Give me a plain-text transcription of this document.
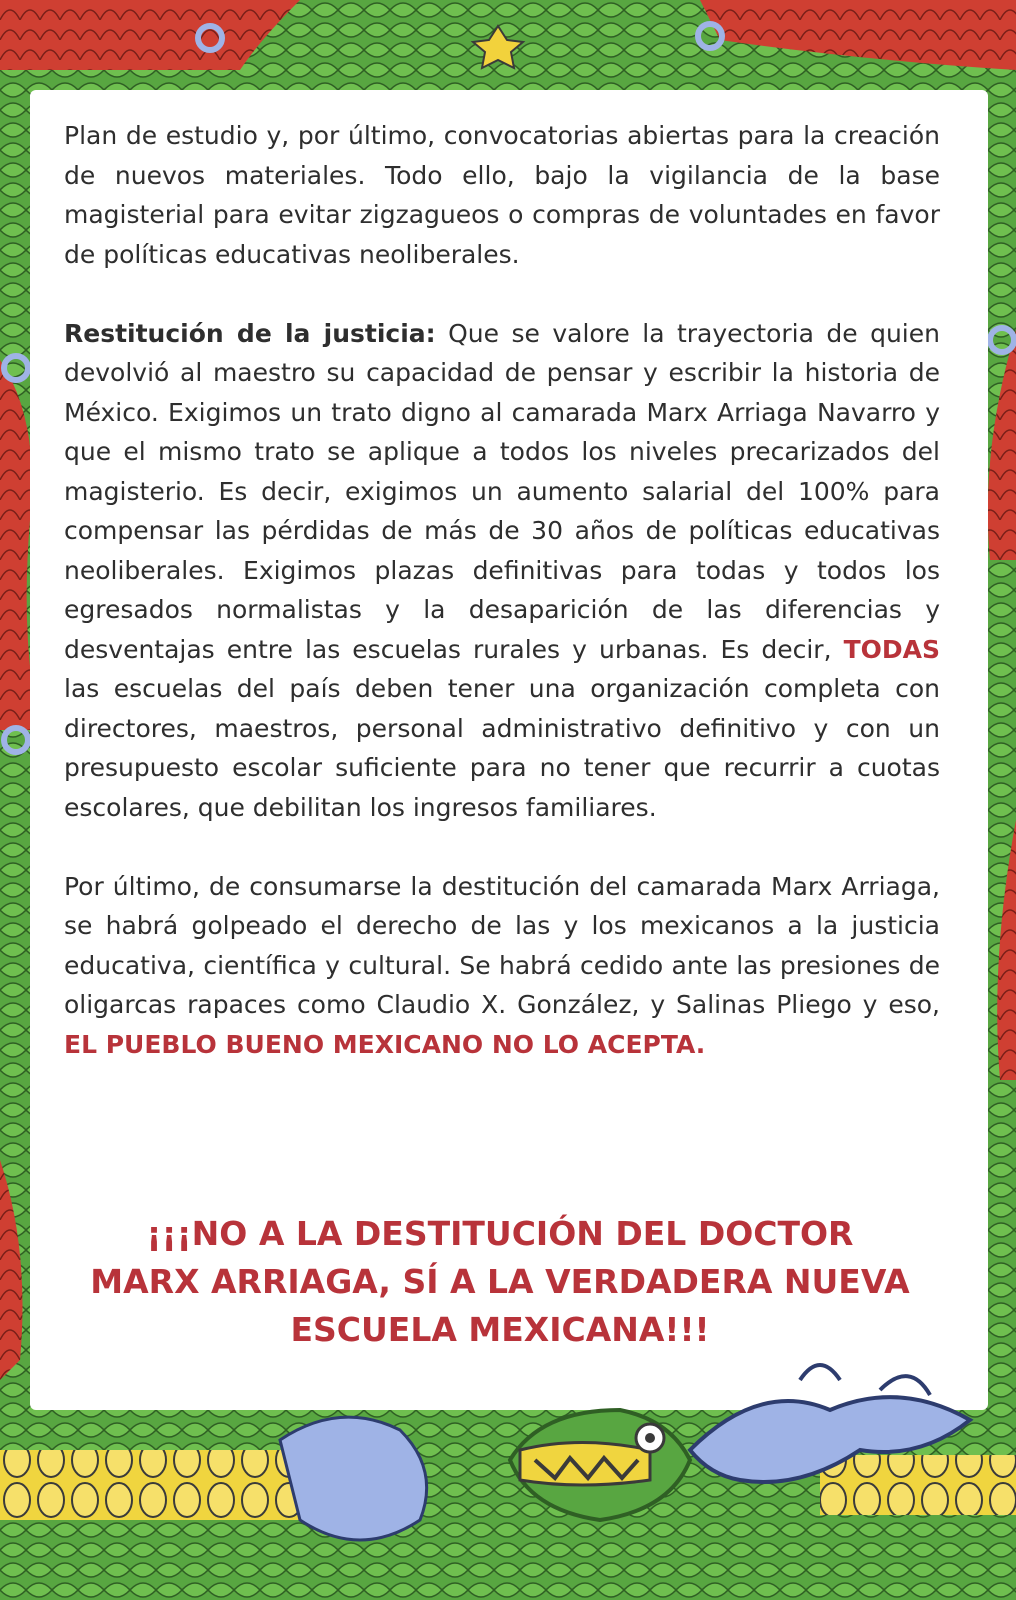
Plan de estudio y, por último, convocatorias abiertas para la creación de nuevos materiales. Todo ello, bajo la vigilancia de la base magisterial para evitar zigzagueos o compras de voluntades en favor de políticas educativas neoliberales.

Restitución de la justicia: Que se valore la trayectoria de quien devolvió al maestro su capacidad de pensar y escribir la historia de México. Exigimos un trato digno al camarada Marx Arriaga Navarro y que el mismo trato se aplique a todos los niveles precarizados del magisterio. Es decir, exigimos un aumento salarial del 100% para compensar las pérdidas de más de 30 años de políticas educativas neoliberales. Exigimos plazas definitivas para todas y todos los egresados normalistas y la desaparición de las diferencias y desventajas entre las escuelas rurales y urbanas. Es decir, TODAS las escuelas del país deben tener una organización completa con directores, maestros, personal administrativo definitivo y con un presupuesto escolar suficiente para no tener que recurrir a cuotas escolares, que debilitan los ingresos familiares.

Por último, de consumarse la destitución del camarada Marx Arriaga, se habrá golpeado el derecho de las y los mexicanos a la justicia educativa, científica y cultural. Se habrá cedido ante las presiones de oligarcas rapaces como Claudio X. González, y Salinas Pliego y eso, EL PUEBLO BUENO MEXICANO NO LO ACEPTA.

¡¡¡NO A LA DESTITUCIÓN DEL DOCTOR MARX ARRIAGA, SÍ A LA VERDADERA NUEVA ESCUELA MEXICANA!!!
